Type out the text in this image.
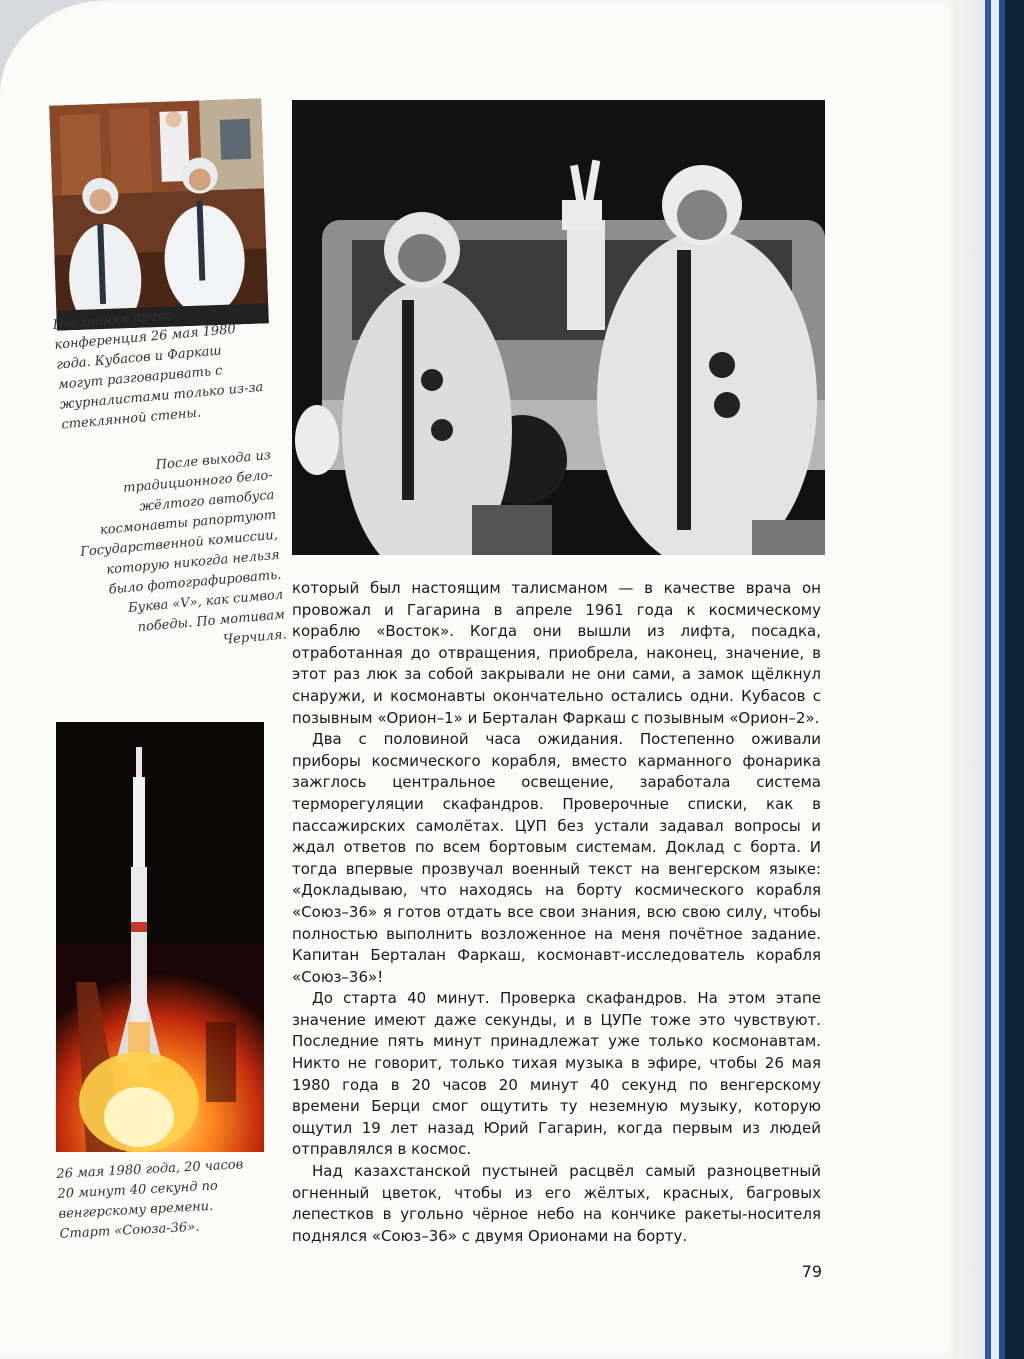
Последняя пресс-конференция 26 мая 1980 года. Кубасов и Фаркаш могут разговаривать с журналистами только из-за стеклянной стены.
После выхода из традиционного бело-жёлтого автобуса космонавты рапортуют Государственной комиссии, которую никогда нельзя было фотографировать. Буква «V», как символ победы. По мотивам Черчиля.
26 мая 1980 года, 20 часов 20 минут 40 секунд по венгерскому времени. Старт «Союза-36».

который был настоящим талисманом — в качестве врача он провожал и Гагарина в апреле 1961 года к космическому кораблю «Восток». Когда они вышли из лифта, посадка, отработанная до отвращения, приобрела, наконец, значение, в этот раз люк за собой закрывали не они сами, а замок щёлкнул снаружи, и космонавты окончательно остались одни. Кубасов с позывным «Орион–1» и Берталан Фаркаш с позывным «Орион–2».

Два с половиной часа ожидания. Постепенно оживали приборы космического корабля, вместо карманного фонарика зажглось центральное освещение, заработала система терморегуляции скафандров. Проверочные списки, как в пассажирских самолётах. ЦУП без устали задавал вопросы и ждал ответов по всем бортовым системам. Доклад с борта. И тогда впервые прозвучал военный текст на венгерском языке: «Докладываю, что находясь на борту космического корабля «Союз–36» я готов отдать все свои знания, всю свою силу, чтобы полностью выполнить возложенное на меня почётное задание. Капитан Берталан Фаркаш, космонавт-исследователь корабля «Союз–36»!

До старта 40 минут. Проверка скафандров. На этом этапе значение имеют даже секунды, и в ЦУПе тоже это чувствуют. Последние пять минут принадлежат уже только космонавтам. Никто не говорит, только тихая музыка в эфире, чтобы 26 мая 1980 года в 20 часов 20 минут 40 секунд по венгерскому времени Берци смог ощутить ту неземную музыку, которую ощутил 19 лет назад Юрий Гагарин, когда первым из людей отправлялся в космос.

Над казахстанской пустыней расцвёл самый разноцветный огненный цветок, чтобы из его жёлтых, красных, багровых лепестков в угольно чёрное небо на кончике ракеты-носителя поднялся «Союз–36» с двумя Орионами на борту.

79
